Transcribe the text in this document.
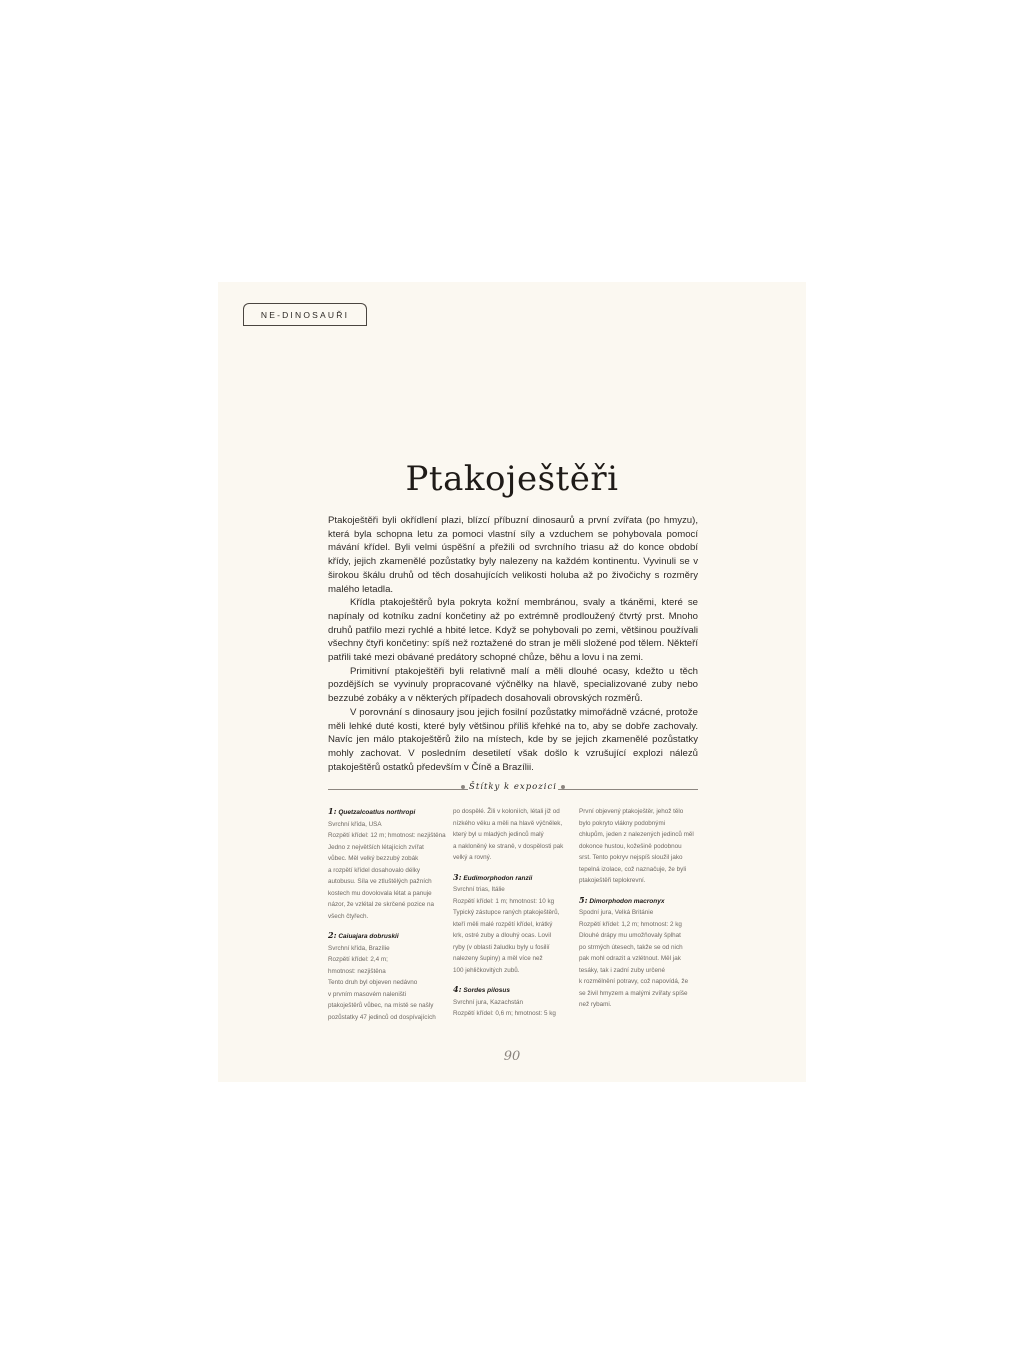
NE-DINOSAUŘI
Ptakoještěři

Ptakoještěři byli okřídlení plazi, blízcí příbuzní dinosaurů a první zvířata (po hmyzu), která byla schopna letu za pomoci vlastní síly a vzduchem se pohybovala pomocí mávání křídel. Byli velmi úspěšní a přežili od svrchního triasu až do konce období křídy, jejich zkamenělé pozůstatky byly nalezeny na každém kontinentu. Vyvinuli se v širokou škálu druhů od těch dosahujících velikosti holuba až po živočichy s rozměry malého letadla.

Křídla ptakoještěrů byla pokryta kožní membránou, svaly a tkáněmi, které se napínaly od kotníku zadní končetiny až po extrémně prodloužený čtvrtý prst. Mnoho druhů patřilo mezi rychlé a hbité letce. Když se pohybovali po zemi, většinou používali všechny čtyři končetiny: spíš než roztažené do stran je měli složené pod tělem. Někteří patřili také mezi obávané predátory schopné chůze, běhu a lovu i na zemi.

Primitivní ptakoještěři byli relativně malí a měli dlouhé ocasy, kdežto u těch pozdějších se vyvinuly propracované výčnělky na hlavě, specializované zuby nebo bezzubé zobáky a v některých případech dosahovali obrovských rozměrů.

V porovnání s dinosaury jsou jejich fosilní pozůstatky mimořádně vzácné, protože měli lehké duté kosti, které byly většinou příliš křehké na to, aby se dobře zachovaly. Navíc jen málo ptakoještěrů žilo na místech, kde by se jejich zkamenělé pozůstatky mohly zachovat. V posledním desetiletí však došlo k vzrušující explozi nálezů ptakoještěrů ostatků především v Číně a Brazílii.

Štítky k expozici

1: Quetzalcoatlus northropi

Svrchní křída, USA
Rozpětí křídel: 12 m; hmotnost: nezjištěna
Jedno z největších létajících zvířat
vůbec. Měl velký bezzubý zobák
a rozpětí křídel dosahovalo délky
autobusu. Síla ve ztluštělých pažních
kostech mu dovolovala létat a panuje
názor, že vzlétal ze skrčené pozice na
všech čtyřech.

2: Caiuajara dobruskii

Svrchní křída, Brazílie
Rozpětí křídel: 2,4 m;
hmotnost: nezjištěna
Tento druh byl objeven nedávno
v prvním masovém naleništi
ptakoještěrů vůbec, na místě se našly
pozůstatky 47 jedinců od dospívajících
po dospělé. Žili v koloniích, létali již od
nízkého věku a měli na hlavě výčnělek,
který byl u mladých jedinců malý
a nakloněný ke straně, v dospělosti pak
velký a rovný.

3: Eudimorphodon ranzii

Svrchní trias, Itálie
Rozpětí křídel: 1 m; hmotnost: 10 kg
Typický zástupce raných ptakoještěrů,
kteří měli malé rozpětí křídel, krátký
krk, ostré zuby a dlouhý ocas. Lovil
ryby (v oblasti žaludku byly u fosilií
nalezeny šupiny) a měl více než
100 jehličkovitých zubů.

4: Sordes pilosus

Svrchní jura, Kazachstán
Rozpětí křídel: 0,6 m; hmotnost: 5 kg
První objevený ptakoještěr, jehož tělo
bylo pokryto vlákny podobnými
chlupům, jeden z nalezených jedinců měl
dokonce hustou, kožešině podobnou
srst. Tento pokryv nejspíš sloužil jako
tepelná izolace, což naznačuje, že byli
ptakoještěři teplokrevní.

5: Dimorphodon macronyx

Spodní jura, Velká Británie
Rozpětí křídel: 1,2 m; hmotnost: 2 kg
Dlouhé drápy mu umožňovaly šplhat
po strmých útesech, takže se od nich
pak mohl odrazit a vzlétnout. Měl jak
tesáky, tak i zadní zuby určené
k rozmělnění potravy, což napovídá, že
se živil hmyzem a malými zvířaty spíše
než rybami.
90
